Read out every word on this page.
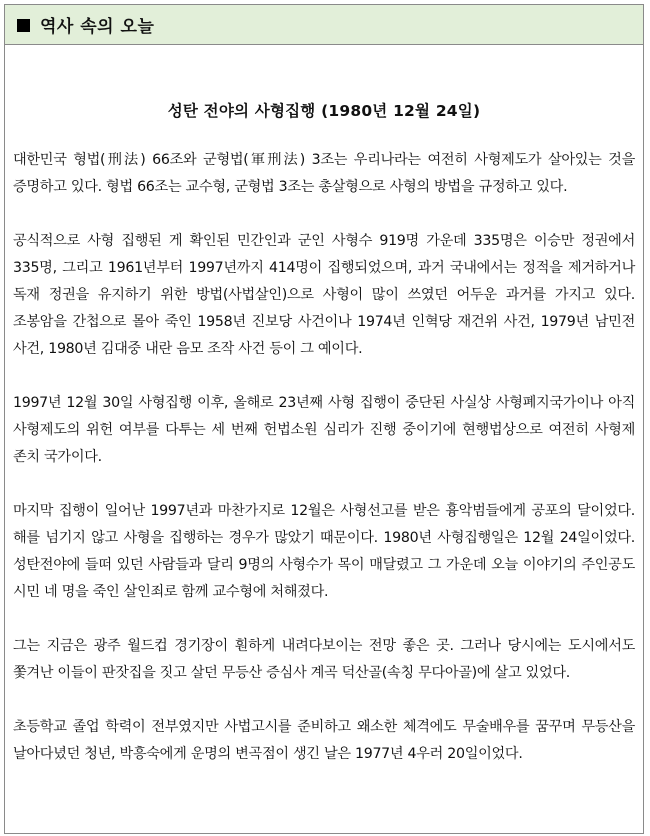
역사 속의 오늘
성탄 전야의 사형집행 (1980년 12월 24일)

대한민국 형법(刑法) 66조와 군형법(軍刑法) 3조는 우리나라는 여전히 사형제도가 살아있는 것을 증명하고 있다. 형법 66조는 교수형, 군형법 3조는 총살형으로 사형의 방법을 규정하고 있다.

공식적으로 사형 집행된 게 확인된 민간인과 군인 사형수 919명 가운데 335명은 이승만 정권에서 335명, 그리고 1961년부터 1997년까지 414명이 집행되었으며, 과거 국내에서는 정적을 제거하거나 독재 정권을 유지하기 위한 방법(사법살인)으로 사형이 많이 쓰였던 어두운 과거를 가지고 있다. 조봉암을 간첩으로 몰아 죽인 1958년 진보당 사건이나 1974년 인혁당 재건위 사건, 1979년 남민전 사건, 1980년 김대중 내란 음모 조작 사건 등이 그 예이다.

1997년 12월 30일 사형집행 이후, 올해로 23년째 사형 집행이 중단된 사실상 사형폐지국가이나 아직 사형제도의 위헌 여부를 다투는 세 번째 헌법소원 심리가 진행 중이기에 현행법상으로 여전히 사형제 존치 국가이다.

마지막 집행이 일어난 1997년과 마찬가지로 12월은 사형선고를 받은 흉악범들에게 공포의 달이었다. 해를 넘기지 않고 사형을 집행하는 경우가 많았기 때문이다. 1980년 사형집행일은 12월 24일이었다. 성탄전야에 들떠 있던 사람들과 달리 9명의 사형수가 목이 매달렸고 그 가운데 오늘 이야기의 주인공도 시민 네 명을 죽인 살인죄로 함께 교수형에 처해졌다.

그는 지금은 광주 월드컵 경기장이 훤하게 내려다보이는 전망 좋은 곳. 그러나 당시에는 도시에서도 쫓겨난 이들이 판잣집을 짓고 살던 무등산 증심사 계곡 덕산골(속칭 무다아골)에 살고 있었다.

초등학교 졸업 학력이 전부였지만 사법고시를 준비하고 왜소한 체격에도 무술배우를 꿈꾸며 무등산을 날아다녔던 청년, 박흥숙에게 운명의 변곡점이 생긴 날은 1977년 4우러 20일이었다.
